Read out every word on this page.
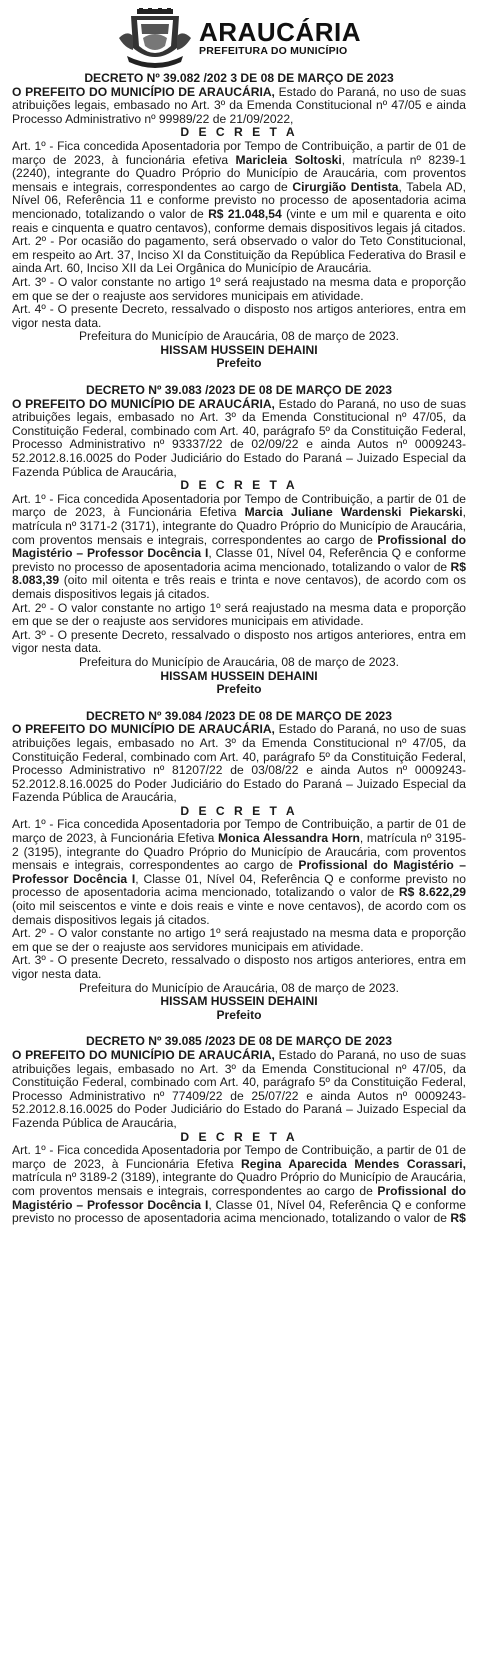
ARAUCÁRIA
PREFEITURA DO MUNICÍPIO
DECRETO Nº 39.082 /202 3 DE 08 DE MARÇO DE 2023

O PREFEITO DO MUNICÍPIO DE ARAUCÁRIA, Estado do Paraná, no uso de suas atribuições legais, embasado no Art. 3º da Emenda Constitucional nº 47/05 e ainda Processo Administrativo nº 99989/22 de 21/09/2022,

D E C R E T A

Art. 1º - Fica concedida Aposentadoria por Tempo de Contribuição, a partir de 01 de março de 2023, à funcionária efetiva Maricleia Soltoski, matrícula nº 8239-1 (2240), integrante do Quadro Próprio do Município de Araucária, com proventos mensais e integrais, correspondentes ao cargo de Cirurgião Dentista, Tabela AD, Nível 06, Referência 11 e conforme previsto no processo de aposentadoria acima mencionado, totalizando o valor de R$ 21.048,54 (vinte e um mil e quarenta e oito reais e cinquenta e quatro centavos), conforme demais dispositivos legais já citados.

Art. 2º - Por ocasião do pagamento, será observado o valor do Teto Constitucional, em respeito ao Art. 37, Inciso XI da Constituição da República Federativa do Brasil e ainda Art. 60, Inciso XII da Lei Orgânica do Município de Araucária.

Art. 3º - O valor constante no artigo 1º será reajustado na mesma data e proporção em que se der o reajuste aos servidores municipais em atividade.

Art. 4º - O presente Decreto, ressalvado o disposto nos artigos anteriores, entra em vigor nesta data.

Prefeitura do Município de Araucária, 08 de março de 2023.
HISSAM HUSSEIN DEHAINI
Prefeito
DECRETO Nº 39.083 /2023 DE 08 DE MARÇO DE 2023

O PREFEITO DO MUNICÍPIO DE ARAUCÁRIA, Estado do Paraná, no uso de suas atribuições legais, embasado no Art. 3º da Emenda Constitucional nº 47/05, da Constituição Federal, combinado com Art. 40, parágrafo 5º da Constituição Federal, Processo Administrativo nº 93337/22 de 02/09/22 e ainda Autos nº 0009243-52.2012.8.16.0025 do Poder Judiciário do Estado do Paraná – Juizado Especial da Fazenda Pública de Araucária,

D E C R E T A

Art. 1º - Fica concedida Aposentadoria por Tempo de Contribuição, a partir de 01 de março de 2023, à Funcionária Efetiva Marcia Juliane Wardenski Piekarski, matrícula nº 3171-2 (3171), integrante do Quadro Próprio do Município de Araucária, com proventos mensais e integrais, correspondentes ao cargo de Profissional do Magistério – Professor Docência I, Classe 01, Nível 04, Referência Q e conforme previsto no processo de aposentadoria acima mencionado, totalizando o valor de R$ 8.083,39 (oito mil oitenta e três reais e trinta e nove centavos), de acordo com os demais dispositivos legais já citados.

Art. 2º - O valor constante no artigo 1º será reajustado na mesma data e proporção em que se der o reajuste aos servidores municipais em atividade.

Art. 3º - O presente Decreto, ressalvado o disposto nos artigos anteriores, entra em vigor nesta data.

Prefeitura do Município de Araucária, 08 de março de 2023.
HISSAM HUSSEIN DEHAINI
Prefeito
DECRETO Nº 39.084 /2023 DE 08 DE MARÇO DE 2023

O PREFEITO DO MUNICÍPIO DE ARAUCÁRIA, Estado do Paraná, no uso de suas atribuições legais, embasado no Art. 3º da Emenda Constitucional nº 47/05, da Constituição Federal, combinado com Art. 40, parágrafo 5º da Constituição Federal, Processo Administrativo nº 81207/22 de 03/08/22 e ainda Autos nº 0009243-52.2012.8.16.0025 do Poder Judiciário do Estado do Paraná – Juizado Especial da Fazenda Pública de Araucária,

D E C R E T A

Art. 1º - Fica concedida Aposentadoria por Tempo de Contribuição, a partir de 01 de março de 2023, à Funcionária Efetiva Monica Alessandra Horn, matrícula nº 3195-2 (3195), integrante do Quadro Próprio do Município de Araucária, com proventos mensais e integrais, correspondentes ao cargo de Profissional do Magistério – Professor Docência I, Classe 01, Nível 04, Referência Q e conforme previsto no processo de aposentadoria acima mencionado, totalizando o valor de R$ 8.622,29 (oito mil seiscentos e vinte e dois reais e vinte e nove centavos), de acordo com os demais dispositivos legais já citados.

Art. 2º - O valor constante no artigo 1º será reajustado na mesma data e proporção em que se der o reajuste aos servidores municipais em atividade.

Art. 3º - O presente Decreto, ressalvado o disposto nos artigos anteriores, entra em vigor nesta data.

Prefeitura do Município de Araucária, 08 de março de 2023.
HISSAM HUSSEIN DEHAINI
Prefeito
DECRETO Nº 39.085 /2023 DE 08 DE MARÇO DE 2023

O PREFEITO DO MUNICÍPIO DE ARAUCÁRIA, Estado do Paraná, no uso de suas atribuições legais, embasado no Art. 3º da Emenda Constitucional nº 47/05, da Constituição Federal, combinado com Art. 40, parágrafo 5º da Constituição Federal, Processo Administrativo nº 77409/22 de 25/07/22 e ainda Autos nº 0009243-52.2012.8.16.0025 do Poder Judiciário do Estado do Paraná – Juizado Especial da Fazenda Pública de Araucária,

D E C R E T A

Art. 1º - Fica concedida Aposentadoria por Tempo de Contribuição, a partir de 01 de março de 2023, à Funcionária Efetiva Regina Aparecida Mendes Corassari, matrícula nº 3189-2 (3189), integrante do Quadro Próprio do Município de Araucária, com proventos mensais e integrais, correspondentes ao cargo de Profissional do Magistério – Professor Docência I, Classe 01, Nível 04, Referência Q e conforme previsto no processo de aposentadoria acima mencionado, totalizando o valor de R$
